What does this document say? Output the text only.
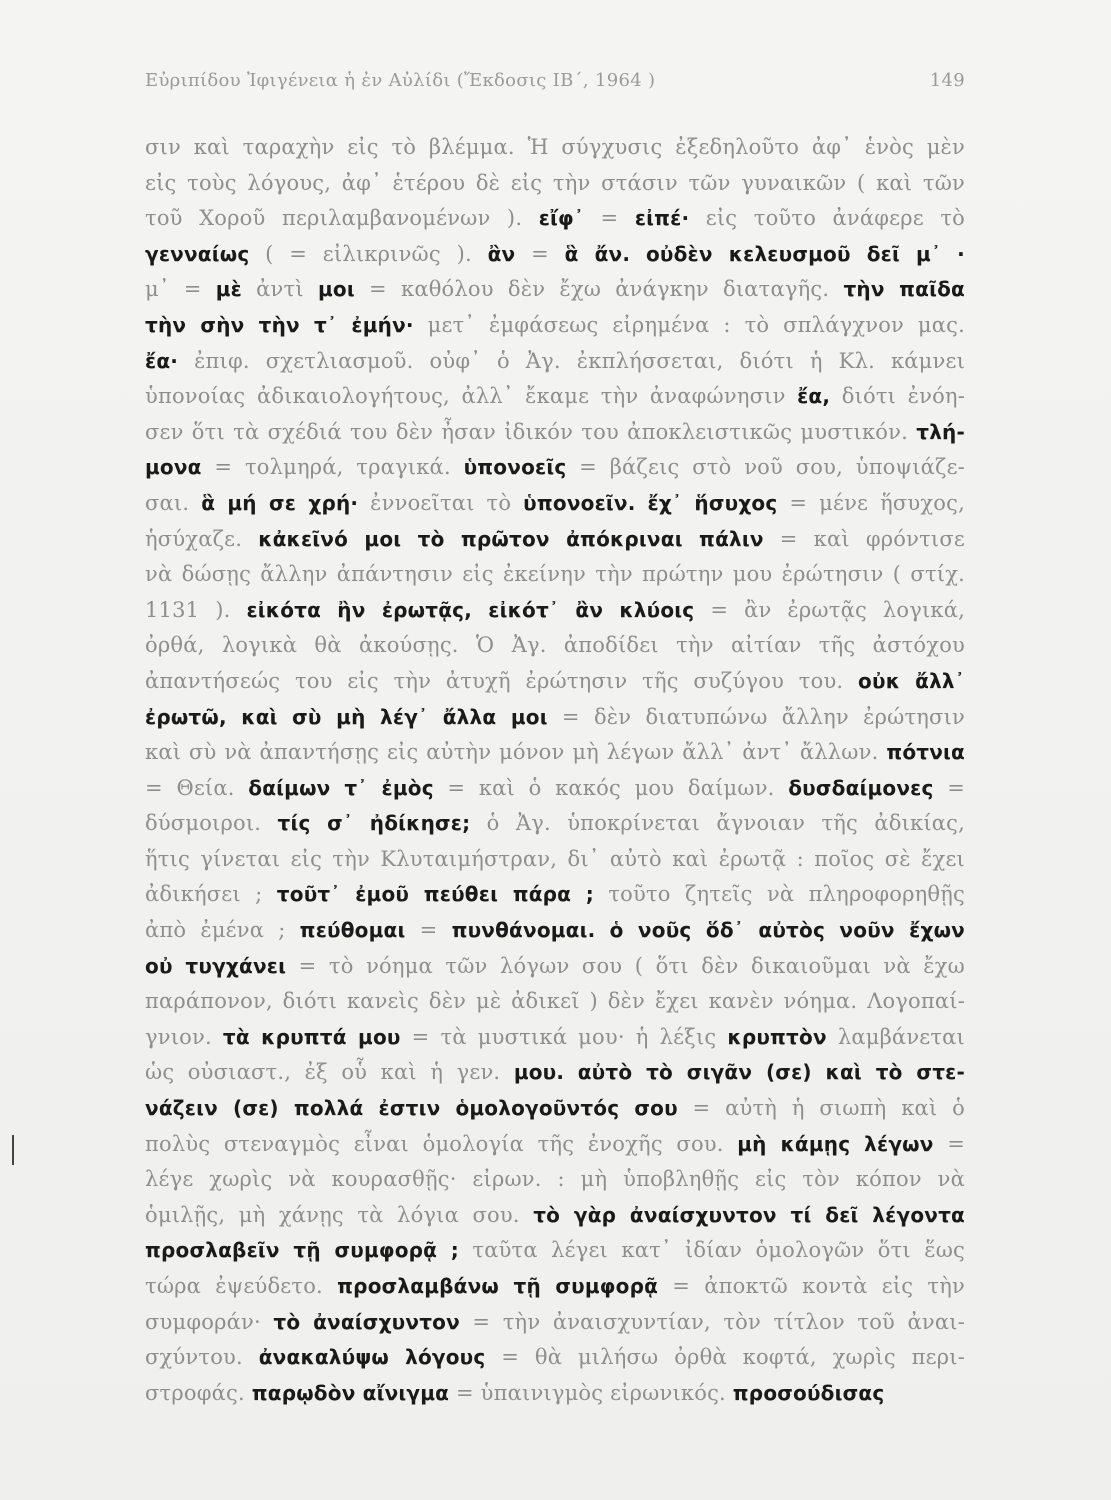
Εὐριπίδου Ἰφιγένεια ἡ ἐν Αὐλίδι (Ἔκδοσις ΙΒ΄, 1964 )	149
σιν καὶ ταραχὴν εἰς τὸ βλέμμα. Ἡ σύγχυσις ἐξεδηλοῦτο ἀφ᾽ ἑνὸς μὲν
εἰς τοὺς λόγους, ἀφ᾽ ἑτέρου δὲ εἰς τὴν στάσιν τῶν γυναικῶν ( καὶ τῶν
τοῦ Χοροῦ περιλαμβανομένων ). εἴφ᾽ = εἰπέ· εἰς τοῦτο ἀνάφερε τὸ
γενναίως ( = εἰλικρινῶς ). ἂν = ἃ ἄν. οὐδὲν κελευσμοῦ δεῖ μ᾽ ·
μ᾽ = μὲ ἀντὶ μοι = καθόλου δὲν ἔχω ἀνάγκην διαταγῆς. τὴν παῖδα
τὴν σὴν τὴν τ᾽ ἐμήν· μετ᾽ ἐμφάσεως εἰρημένα : τὸ σπλάγχνον μας.
ἔα· ἐπιφ. σχετλιασμοῦ. οὐφ᾽ ὁ Ἀγ. ἐκπλήσσεται, διότι ἡ Κλ. κάμνει
ὑπονοίας ἀδικαιολογήτους, ἀλλ᾽ ἔκαμε τὴν ἀναφώνησιν ἔα, διότι ἐνόη-
σεν ὅτι τὰ σχέδιά του δὲν ἦσαν ἰδικόν του ἀποκλειστικῶς μυστικόν. τλή-
μονα = τολμηρά, τραγικά. ὑπονοεῖς = βάζεις στὸ νοῦ σου, ὑποψιάζε-
σαι. ἃ μή σε χρή· ἐννοεῖται τὸ ὑπονοεῖν. ἔχ᾽ ἥσυχος = μένε ἥσυχος,
ἡσύχαζε. κἀκεῖνό μοι τὸ πρῶτον ἀπόκριναι πάλιν = καὶ φρόντισε
νὰ δώσῃς ἄλλην ἀπάντησιν εἰς ἐκείνην τὴν πρώτην μου ἐρώτησιν ( στίχ.
1131 ). εἰκότα ἢν ἐρωτᾷς, εἰκότ᾽ ἂν κλύοις = ἂν ἐρωτᾷς λογικά,
ὀρθά, λογικὰ θὰ ἀκούσῃς. Ὁ Ἀγ. ἀποδίδει τὴν αἰτίαν τῆς ἀστόχου
ἀπαντήσεώς του εἰς τὴν ἀτυχῆ ἐρώτησιν τῆς συζύγου του. οὐκ ἄλλ᾽
ἐρωτῶ, καὶ σὺ μὴ λέγ᾽ ἄλλα μοι = δὲν διατυπώνω ἄλλην ἐρώτησιν
καὶ σὺ νὰ ἀπαντήσῃς εἰς αὐτὴν μόνον μὴ λέγων ἄλλ᾽ ἀντ᾽ ἄλλων. πότνια
= Θεία. δαίμων τ᾽ ἐμὸς = καὶ ὁ κακός μου δαίμων. δυσδαίμονες =
δύσμοιροι. τίς σ᾽ ἠδίκησε; ὁ Ἀγ. ὑποκρίνεται ἄγνοιαν τῆς ἀδικίας,
ἥτις γίνεται εἰς τὴν Κλυταιμήστραν, δι᾽ αὐτὸ καὶ ἐρωτᾷ : ποῖος σὲ ἔχει
ἀδικήσει ; τοῦτ᾽ ἐμοῦ πεύθει πάρα ; τοῦτο ζητεῖς νὰ πληροφορηθῇς
ἀπὸ ἐμένα ; πεύθομαι = πυνθάνομαι. ὁ νοῦς ὅδ᾽ αὐτὸς νοῦν ἔχων
οὐ τυγχάνει = τὸ νόημα τῶν λόγων σου ( ὅτι δὲν δικαιοῦμαι νὰ ἔχω
παράπονον, διότι κανεὶς δὲν μὲ ἀδικεῖ ) δὲν ἔχει κανὲν νόημα. Λογοπαί-
γνιον. τὰ κρυπτά μου = τὰ μυστικά μου· ἡ λέξις κρυπτὸν λαμβάνεται
ὡς οὐσιαστ., ἐξ οὗ καὶ ἡ γεν. μου. αὐτὸ τὸ σιγᾶν (σε) καὶ τὸ στε-
νάζειν (σε) πολλά ἐστιν ὁμολογοῦντός σου = αὐτὴ ἡ σιωπὴ καὶ ὁ
πολὺς στεναγμὸς εἶναι ὁμολογία τῆς ἐνοχῆς σου. μὴ κάμῃς λέγων =
λέγε χωρὶς νὰ κουρασθῇς· εἰρων. : μὴ ὑποβληθῇς εἰς τὸν κόπον νὰ
ὁμιλῇς, μὴ χάνῃς τὰ λόγια σου. τὸ γὰρ ἀναίσχυντον τί δεῖ λέγοντα
προσλαβεῖν τῇ συμφορᾷ ; ταῦτα λέγει κατ᾽ ἰδίαν ὁμολογῶν ὅτι ἕως
τώρα ἐψεύδετο. προσλαμβάνω τῇ συμφορᾷ = ἀποκτῶ κοντὰ εἰς τὴν
συμφοράν· τὸ ἀναίσχυντον = τὴν ἀναισχυντίαν, τὸν τίτλον τοῦ ἀναι-
σχύντου. ἀνακαλύψω λόγους = θὰ μιλήσω ὀρθὰ κοφτά, χωρὶς περι-
στροφάς. παρῳδὸν αἴνιγμα = ὑπαινιγμὸς εἰρωνικός. προσούδισας
